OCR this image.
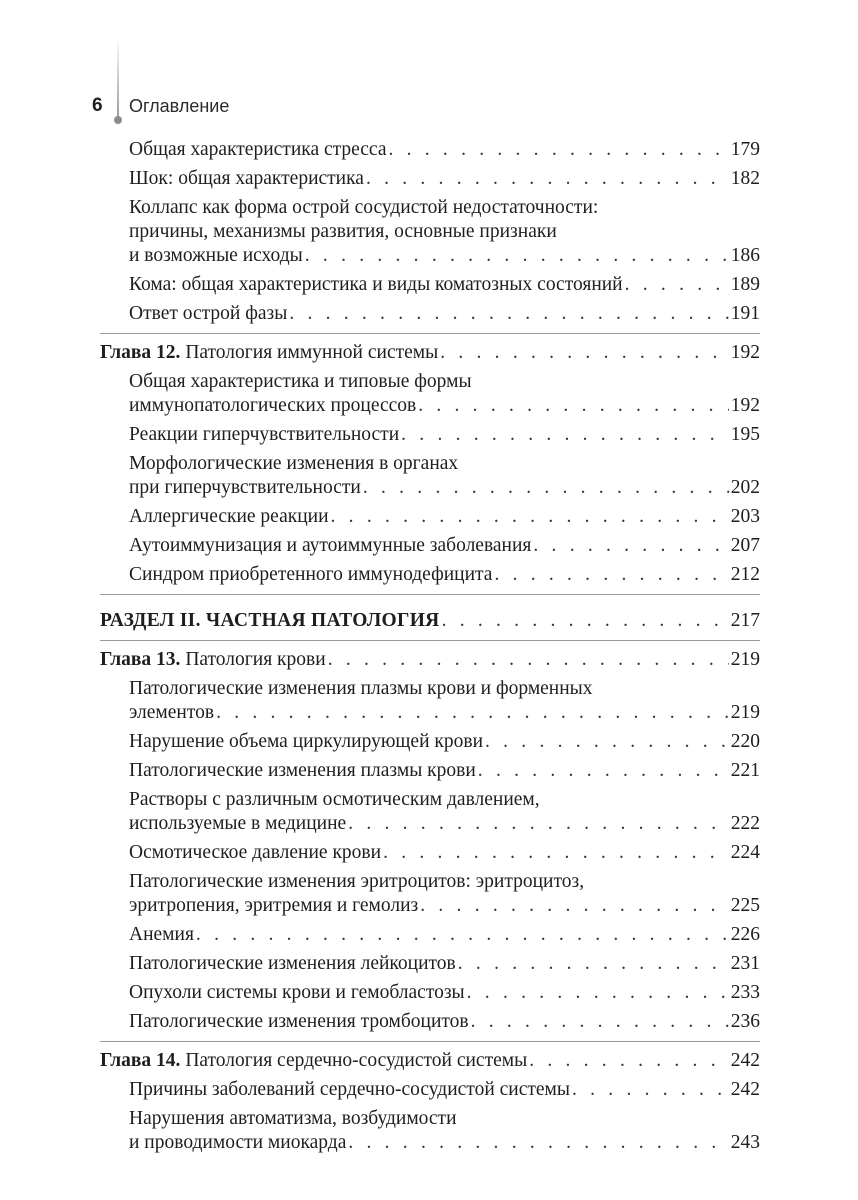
6 Оглавление
Общая характеристика стресса . . .	179
Шок: общая характеристика . . .	182
Коллапс как форма острой сосудистой недостаточности:
причины, механизмы развития, основные признаки
и возможные исходы . . .	186
Кома: общая характеристика и виды коматозных состояний . . .	189
Ответ острой фазы . . .	191
Глава 12. Патология иммунной системы . . .	192
Общая характеристика и типовые формы
иммунопатологических процессов . . .	192
Реакции гиперчувствительности . . .	195
Морфологические изменения в органах
при гиперчувствительности . . .	202
Аллергические реакции . . .	203
Аутоиммунизация и аутоиммунные заболевания . . .	207
Синдром приобретенного иммунодефицита . . .	212
РАЗДЕЛ II. ЧАСТНАЯ ПАТОЛОГИЯ . . .	217
Глава 13. Патология крови . . .	219
Патологические изменения плазмы крови и форменных
элементов . . .	219
Нарушение объема циркулирующей крови . . .	220
Патологические изменения плазмы крови . . .	221
Растворы с различным осмотическим давлением,
используемые в медицине . . .	222
Осмотическое давление крови . . .	224
Патологические изменения эритроцитов: эритроцитоз,
эритропения, эритремия и гемолиз . . .	225
Анемия . . .	226
Патологические изменения лейкоцитов . . .	231
Опухоли системы крови и гемобластозы . . .	233
Патологические изменения тромбоцитов . . .	236
Глава 14. Патология сердечно-сосудистой системы . . .	242
Причины заболеваний сердечно-сосудистой системы . . .	242
Нарушения автоматизма, возбудимости
и проводимости миокарда . . .	243
